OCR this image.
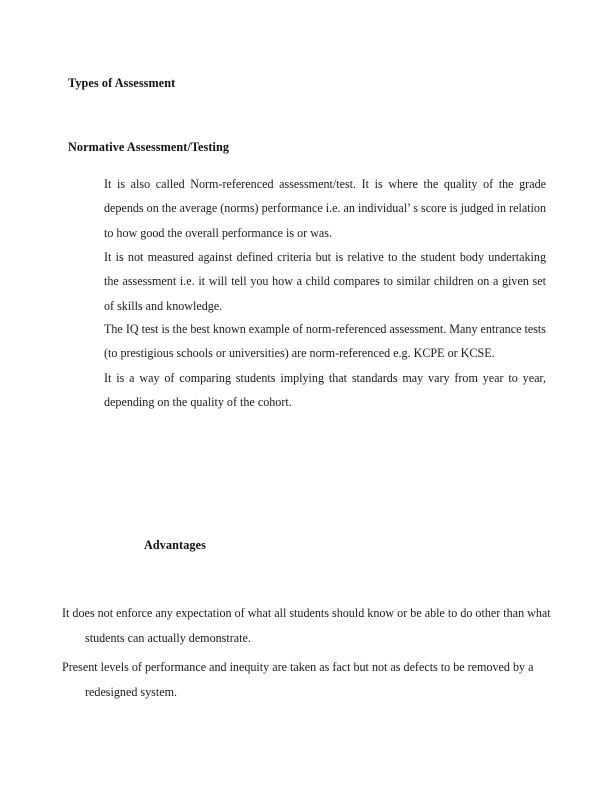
Types of Assessment
Normative Assessment/Testing

It is also called Norm-referenced assessment/test. It is where the quality of the grade depends on the average (norms) performance i.e. an individual’ s score is judged in relation to how good the overall performance is or was.

It is not measured against defined criteria but is relative to the student body undertaking the assessment i.e. it will tell you how a child compares to similar children on a given set of skills and knowledge.

The IQ test is the best known example of norm-referenced assessment. Many entrance tests (to prestigious schools or universities) are norm-referenced e.g. KCPE or KCSE.

It is a way of comparing students implying that standards may vary from year to year, depending on the quality of the cohort.

Advantages

It does not enforce any expectation of what all students should know or be able to do other than what students can actually demonstrate.

Present levels of performance and inequity are taken as fact but not as defects to be removed by a redesigned system.
